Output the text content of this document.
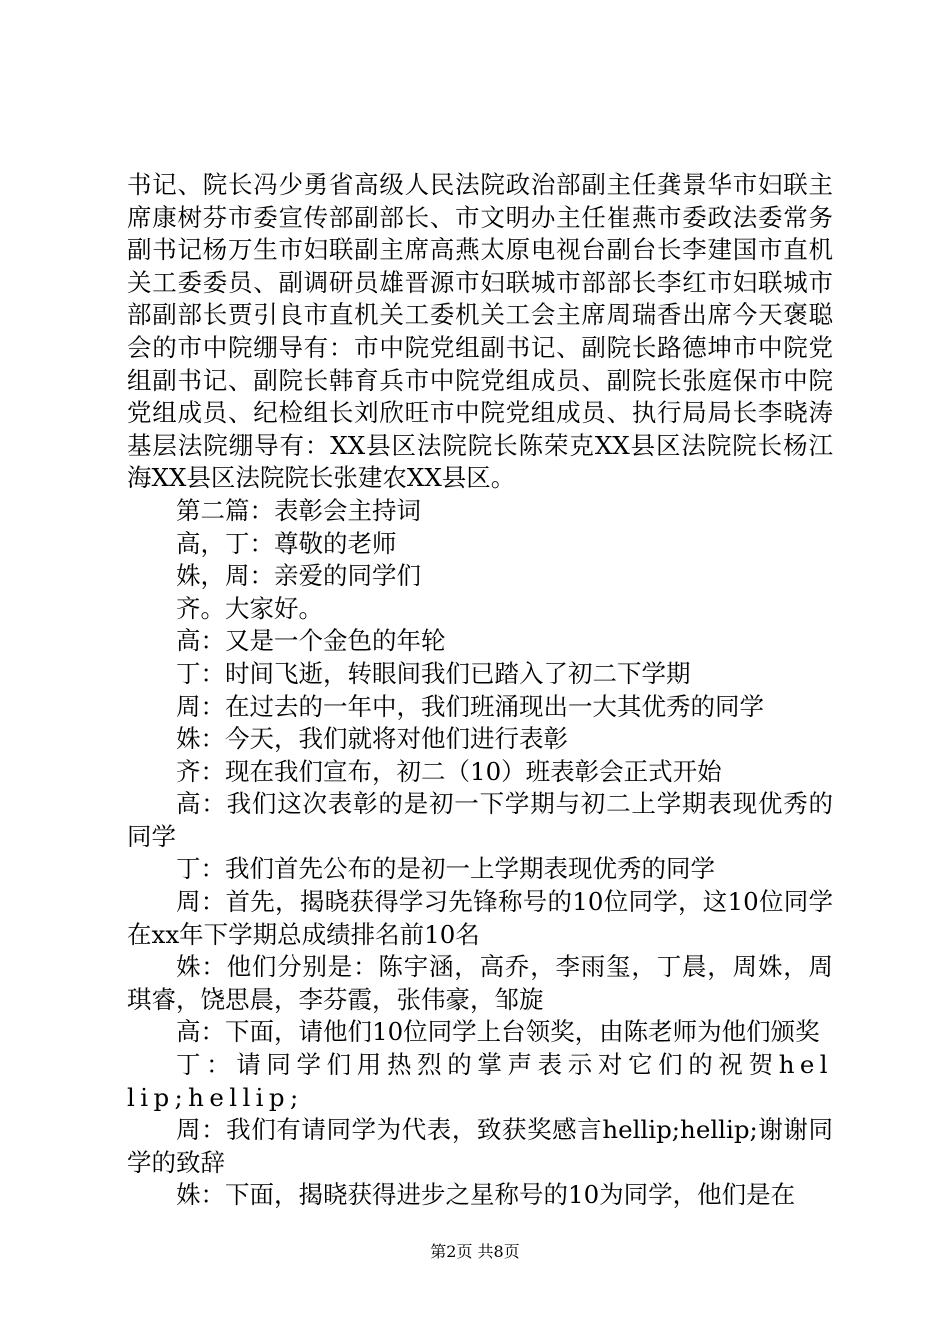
书记、院长冯少勇省高级人民法院政治部副主任龚景华市妇联主席康树芬市委宣传部副部长、市文明办主任崔燕市委政法委常务副书记杨万生市妇联副主席高燕太原电视台副台长李建国市直机关工委委员、副调研员雄晋源市妇联城市部部长李红市妇联城市部副部长贾引良市直机关工委机关工会主席周瑞香出席今天褒聪会的市中院绷导有：市中院党组副书记、副院长路德坤市中院党组副书记、副院长韩育兵市中院党组成员、副院长张庭保市中院党组成员、纪检组长刘欣旺市中院党组成员、执行局局长李晓涛基层法院绷导有：XX县区法院院长陈荣克XX县区法院院长杨江海XX县区法院院长张建农XX县区。

第二篇：表彰会主持词

高，丁：尊敬的老师

姝，周：亲爱的同学们

齐。大家好。

高：又是一个金色的年轮

丁：时间飞逝，转眼间我们已踏入了初二下学期

周：在过去的一年中，我们班涌现出一大其优秀的同学

姝：今天，我们就将对他们进行表彰

齐：现在我们宣布，初二（10）班表彰会正式开始

高：我们这次表彰的是初一下学期与初二上学期表现优秀的同学

丁：我们首先公布的是初一上学期表现优秀的同学

周：首先，揭晓获得学习先锋称号的10位同学，这10位同学在xx年下学期总成绩排名前10名

姝：他们分别是：陈宇涵，高乔，李雨玺，丁晨，周姝，周琪睿，饶思晨，李芬霞，张伟豪，邹旋

高：下面，请他们10位同学上台领奖，由陈老师为他们颁奖

丁：请同学们用热烈的掌声表示对它们的祝贺hellip;hellip;

周：我们有请同学为代表，致获奖感言hellip;hellip;谢谢同学的致辞

姝：下面，揭晓获得进步之星称号的10为同学，他们是在

第2页 共8页
